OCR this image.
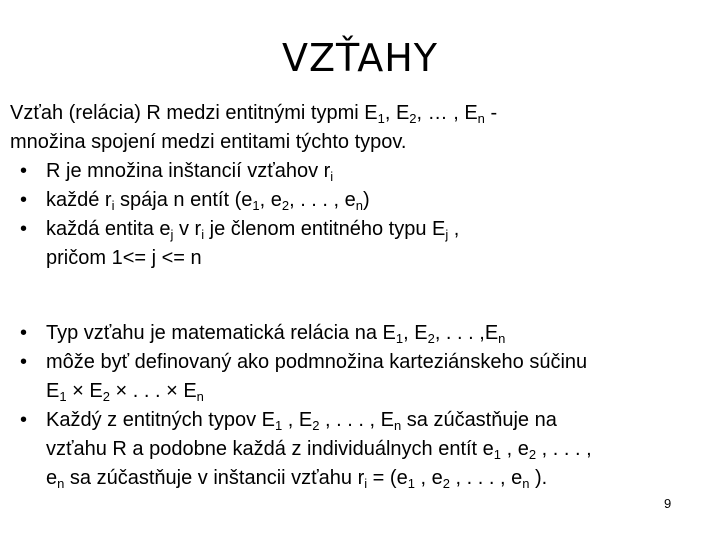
VZŤAHY
Vzťah (relácia) R medzi entitnými typmi $E_1$, $E_2$, … , $E_n$ -
množina spojení medzi entitami týchto typov.
• R je množina inštancií vzťahov $r_i$
• každé $r_i$ spája n entít ($e_1$, $e_2$, . . . , $e_n$)
• každá entita $e_j$ v $r_i$ je členom entitného typu $E_j$ ,
pričom 1<= j <= n
• Typ vzťahu je matematická relácia na $E_1$, $E_2$, . . . $,E_n$
• môže byť definovaný ako podmnožina karteziánskeho súčinu
$E_1 \times E_2$ × . . . × $E_n$
• Každý z entitných typov $E_1$ , $E_2$ , . . . , $E_n$ sa zúčastňuje na
vzťahu R a podobne každá z individuálnych entít $e_1$ , $e_2$ , . . . ,
$e_n$ sa zúčastňuje v inštancii vzťahu $r_i = (e_1$ , $e_2$ , . . . , $e_n$ ).
9
